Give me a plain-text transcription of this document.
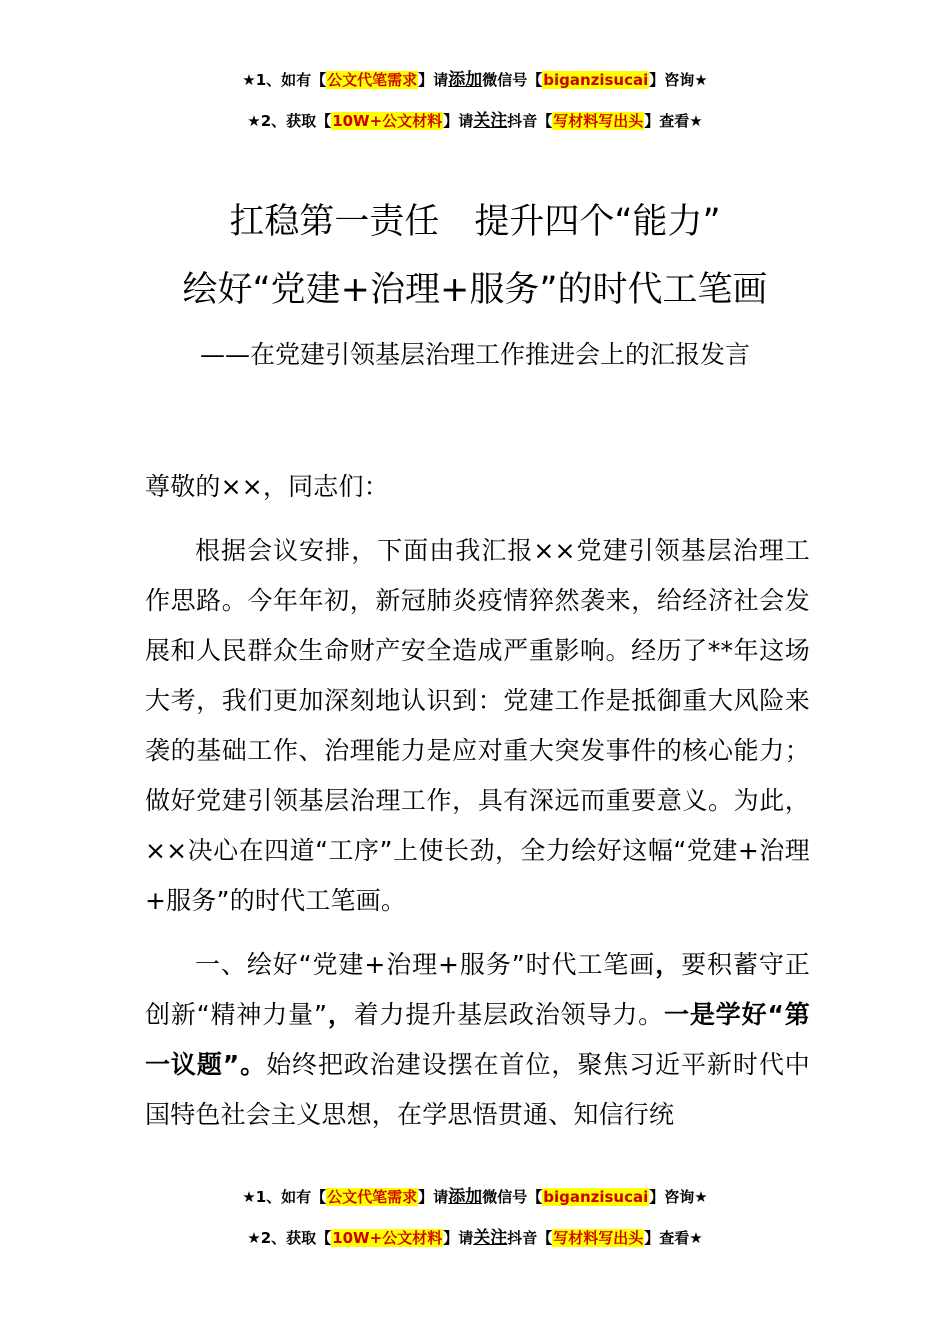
★1、如有【公文代笔需求】请添加微信号【biganzisucai】咨询★
★2、获取【10W+公文材料】请关注抖音【写材料写出头】查看★
扛稳第一责任　提升四个“能力”
绘好“党建+治理+服务”的时代工笔画
——在党建引领基层治理工作推进会上的汇报发言

尊敬的××，同志们：

根据会议安排，下面由我汇报××党建引领基层治理工作思路。今年年初，新冠肺炎疫情猝然袭来，给经济社会发展和人民群众生命财产安全造成严重影响。经历了**年这场大考，我们更加深刻地认识到：党建工作是抵御重大风险来袭的基础工作、治理能力是应对重大突发事件的核心能力；做好党建引领基层治理工作，具有深远而重要意义。为此，××决心在四道“工序”上使长劲，全力绘好这幅“党建+治理+服务”的时代工笔画。

一、绘好“党建+治理+服务”时代工笔画，要积蓄守正创新“精神力量”，着力提升基层政治领导力。一是学好“第一议题”。始终把政治建设摆在首位，聚焦习近平新时代中国特色社会主义思想，在学思悟贯通、知信行统

★1、如有【公文代笔需求】请添加微信号【biganzisucai】咨询★
★2、获取【10W+公文材料】请关注抖音【写材料写出头】查看★
